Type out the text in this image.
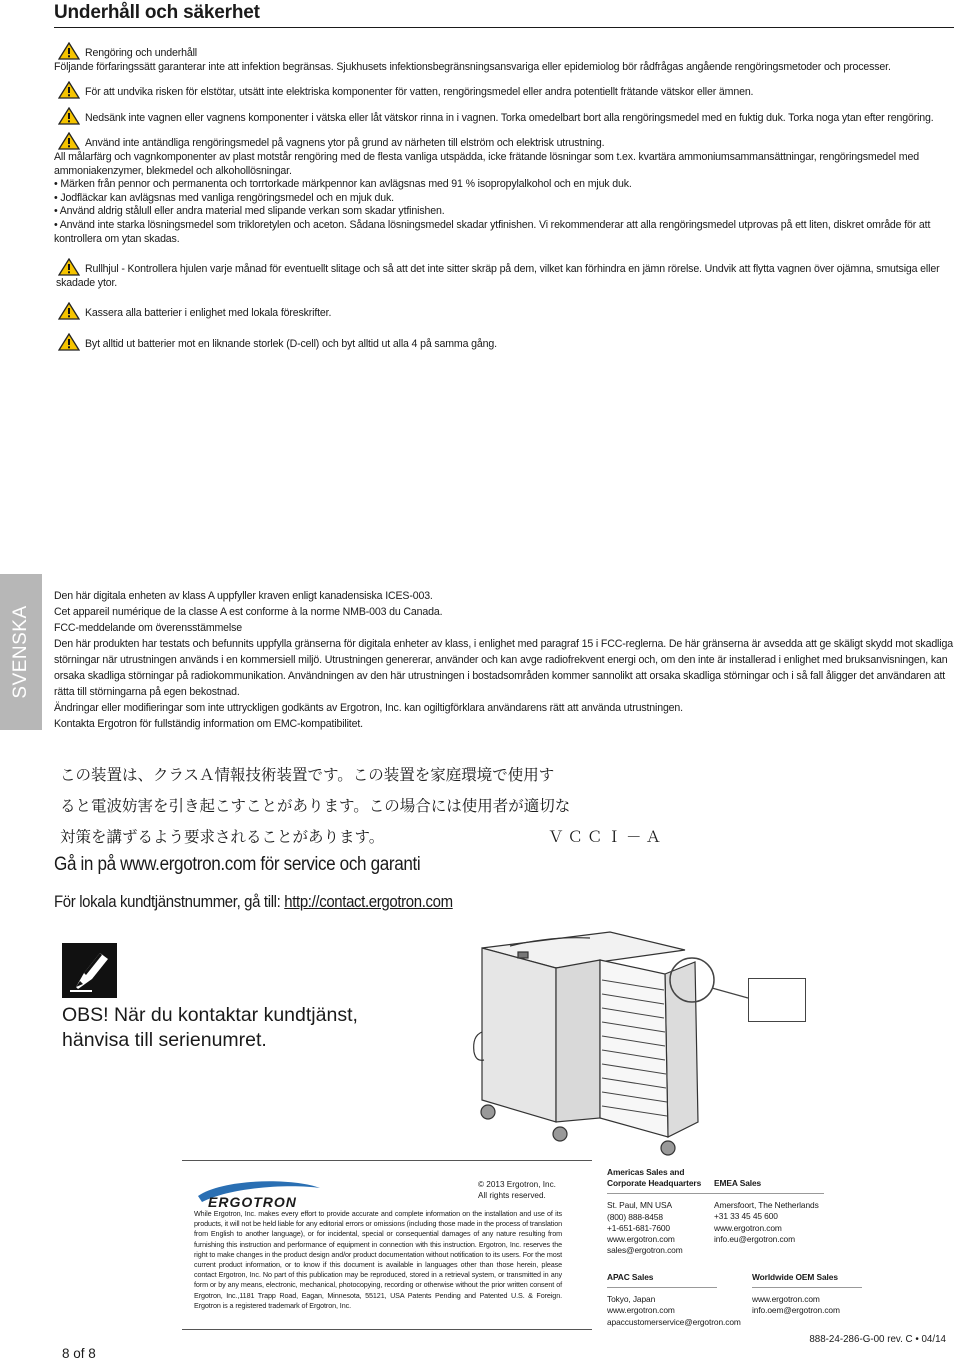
Underhåll och säkerhet

Rengöring och underhåll

Följande förfaringssätt garanterar inte att infektion begränsas. Sjukhusets infektionsbegränsningsansvariga eller epidemiolog bör rådfrågas angående rengöringsmetoder och processer.

För att undvika risken för elstötar, utsätt inte elektriska komponenter för vatten, rengöringsmedel eller andra potentiellt frätande vätskor eller ämnen.

Nedsänk inte vagnen eller vagnens komponenter i vätska eller låt vätskor rinna in i vagnen. Torka omedelbart bort alla rengöringsmedel med en fuktig duk. Torka noga ytan efter rengöring.

Använd inte antändliga rengöringsmedel på vagnens ytor på grund av närheten till elström och elektrisk utrustning.

All målarfärg och vagnkomponenter av plast motstår rengöring med de flesta vanliga utspädda, icke frätande lösningar som t.ex. kvartära ammoniumsammansättningar, rengöringsmedel med ammoniakenzymer, blekmedel och alkohollösningar.

• Märken från pennor och permanenta och torrtorkade märkpennor kan avlägsnas med 91 % isopropylalkohol och en mjuk duk.

• Jodfläckar kan avlägsnas med vanliga rengöringsmedel och en mjuk duk.

• Använd aldrig stålull eller andra material med slipande verkan som skadar ytfinishen.

• Använd inte starka lösningsmedel som trikloretylen och aceton. Sådana lösningsmedel skadar ytfinishen. Vi rekommenderar att alla rengöringsmedel utprovas på ett liten, diskret område för att kontrollera om ytan skadas.

Rullhjul - Kontrollera hjulen varje månad för eventuellt slitage och så att det inte sitter skräp på dem, vilket kan förhindra en jämn rörelse. Undvik att flytta vagnen över ojämna, smutsiga eller skadade ytor.

Kassera alla batterier i enlighet med lokala föreskrifter.

Byt alltid ut batterier mot en liknande storlek (D-cell) och byt alltid ut alla 4 på samma gång.

SVENSKA

Den här digitala enheten av klass A uppfyller kraven enligt kanadensiska ICES-003.

Cet appareil numérique de la classe A est conforme à la norme NMB-003 du Canada.

FCC-meddelande om överensstämmelse

Den här produkten har testats och befunnits uppfylla gränserna för digitala enheter av klass, i enlighet med paragraf 15 i FCC-reglerna. De här gränserna är avsedda att ge skäligt skydd mot skadliga störningar när utrustningen används i en kommersiell miljö. Utrustningen genererar, använder och kan avge radiofrekvent energi och, om den inte är installerad i enlighet med bruksanvisningen, kan orsaka skadliga störningar på radiokommunikation. Användningen av den här utrustningen i bostadsområden kommer sannolikt att orsaka skadliga störningar och i så fall åligger det användaren att rätta till störningarna på egen bekostnad.

Ändringar eller modifieringar som inte uttryckligen godkänts av Ergotron, Inc. kan ogiltigförklara användarens rätt att använda utrustningen.

Kontakta Ergotron för fullständig information om EMC-kompatibilitet.

この装置は、クラスＡ情報技術装置です。この装置を家庭環境で使用す
ると電波妨害を引き起こすことがあります。この場合には使用者が適切な
対策を講ずるよう要求されることがあります。	ＶＣＣＩ－Ａ
Gå in på www.ergotron.com för service och garanti
För lokala kundtjänstnummer, gå till: http://contact.ergotron.com
OBS! När du kontaktar kundtjänst, hänvisa till serienumret.
ERGOTRON
© 2013 Ergotron, Inc.
All rights reserved.
While Ergotron, Inc. makes every effort to provide accurate and complete information on the installation and use of its products, it will not be held liable for any editorial errors or omissions (including those made in the process of translation from English to another language), or for incidental, special or consequential damages of any nature resulting from furnishing this instruction and performance of equipment in connection with this instruction. Ergotron, Inc. reserves the right to make changes in the product design and/or product documentation without notification to its users. For the most current product information, or to know if this document is available in languages other than those herein, please contact Ergotron, Inc. No part of this publication may be reproduced, stored in a retrieval system, or transmitted in any form or by any means, electronic, mechanical, photocopying, recording or otherwise without the prior written consent of Ergotron, Inc.,1181 Trapp Road, Eagan, Minnesota, 55121, USA Patents Pending and Patented U.S. & Foreign. Ergotron is a registered trademark of Ergotron, Inc.
Americas Sales and
Corporate Headquarters
St. Paul, MN USA
(800) 888-8458
+1-651-681-7600
www.ergotron.com
sales@ergotron.com
EMEA Sales
Amersfoort, The Netherlands
+31 33 45 45 600
www.ergotron.com
info.eu@ergotron.com
APAC Sales
Tokyo, Japan
www.ergotron.com
apaccustomerservice@ergotron.com
Worldwide OEM Sales
www.ergotron.com
info.oem@ergotron.com
8 of 8
888-24-286-G-00 rev. C • 04/14
